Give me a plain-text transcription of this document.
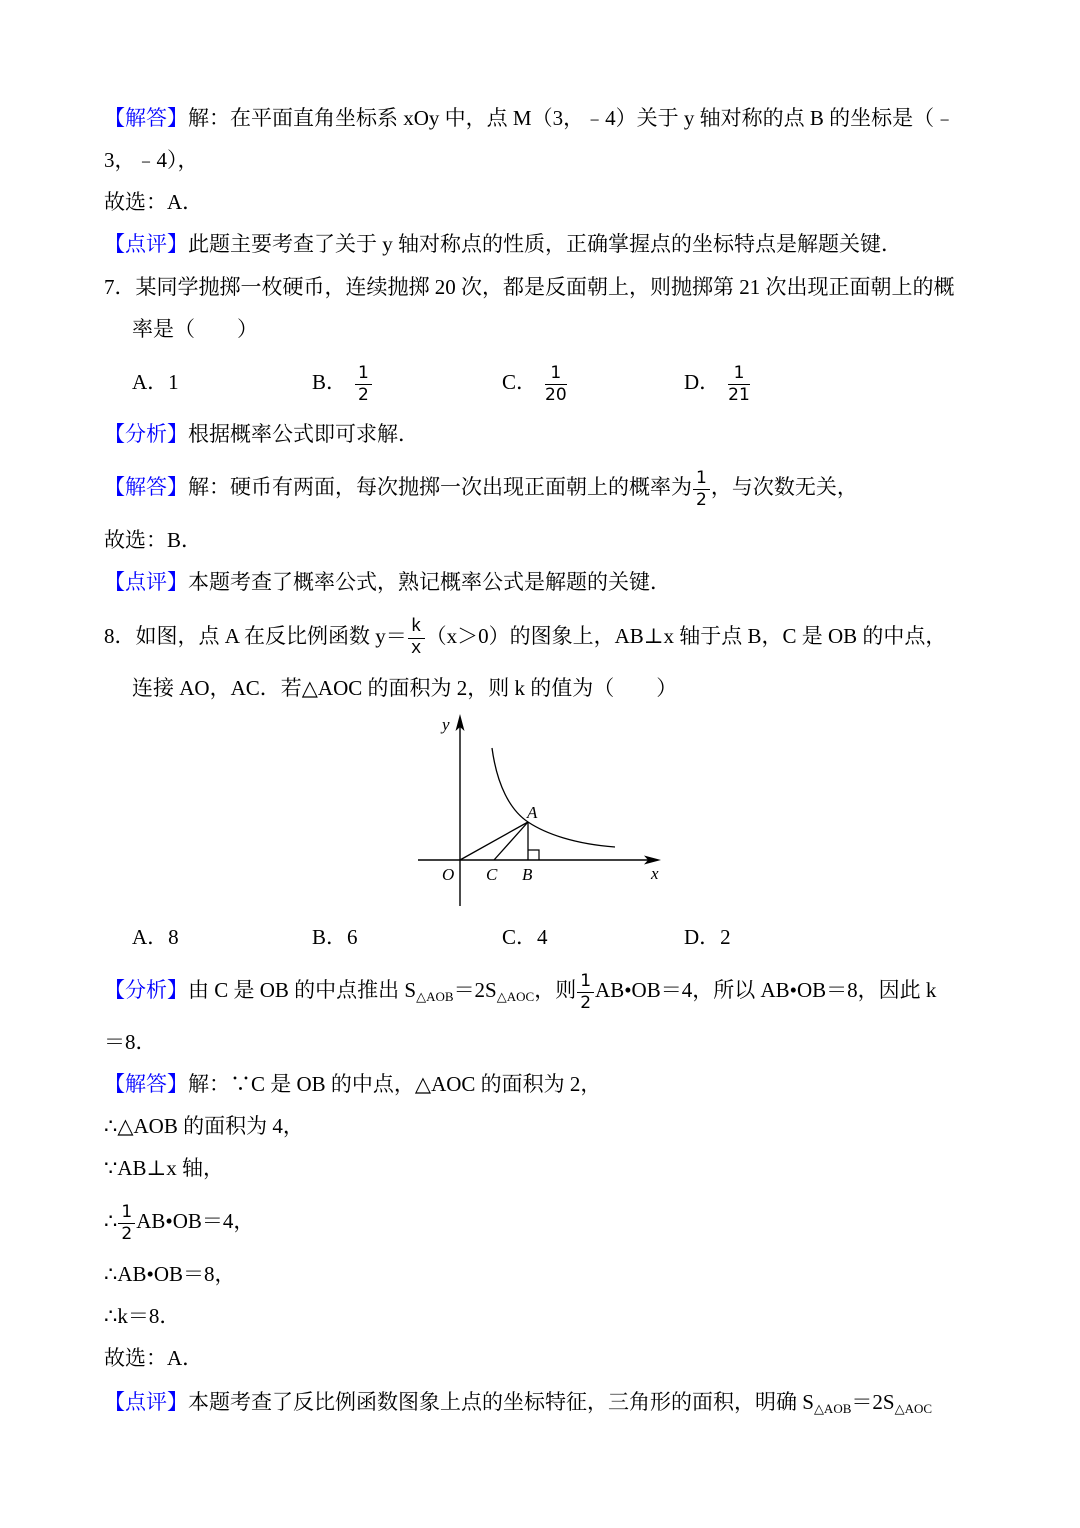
【解答】解：在平面直角坐标系 xOy 中，点 M（3，﹣4）关于 y 轴对称的点 B 的坐标是（﹣
3，﹣4），
故选：A．
【点评】此题主要考查了关于 y 轴对称点的性质，正确掌握点的坐标特点是解题关键．
7．某同学抛掷一枚硬币，连续抛掷 20 次，都是反面朝上，则抛掷第 21 次出现正面朝上的概
率是（　　）
A．1	B． $\frac{1}{2}$	C． $\frac{1}{20}$	D． $\frac{1}{21}$
【分析】根据概率公式即可求解．
【解答】解：硬币有两面，每次抛掷一次出现正面朝上的概率为 $\frac{1}{2}$ ，与次数无关，
故选：B．
【点评】本题考查了概率公式，熟记概率公式是解题的关键．
8．如图，点 A 在反比例函数 $y= \frac{k}{x} (x>0)$的图象上，AB⊥x 轴于点 B，C 是 OB 的中点，
连接 AO，AC．若△AOC 的面积为 2，则 k 的值为（　　）
y
x
O
A
C B
A．8	B．6	C．4	D．2
【分析】由 C 是 OB 的中点推出 $S_{\triangle AOB}=2S_{\triangle AOC}$，则 $\frac{1}{2}$ AB•OB＝4，所以 AB•OB＝8，因此 k
＝8．
【解答】解：∵C 是 OB 的中点，△AOC 的面积为 2，
∴△AOB 的面积为 4，
∵AB⊥x 轴，
∴ $\frac{1}{2}$ AB•OB＝4，
∴AB•OB＝8，
∴k＝8．
故选：A．
【点评】本题考查了反比例函数图象上点的坐标特征，三角形的面积，明确 $S_{\triangle AOB}=2S_{\triangle AOC}$
